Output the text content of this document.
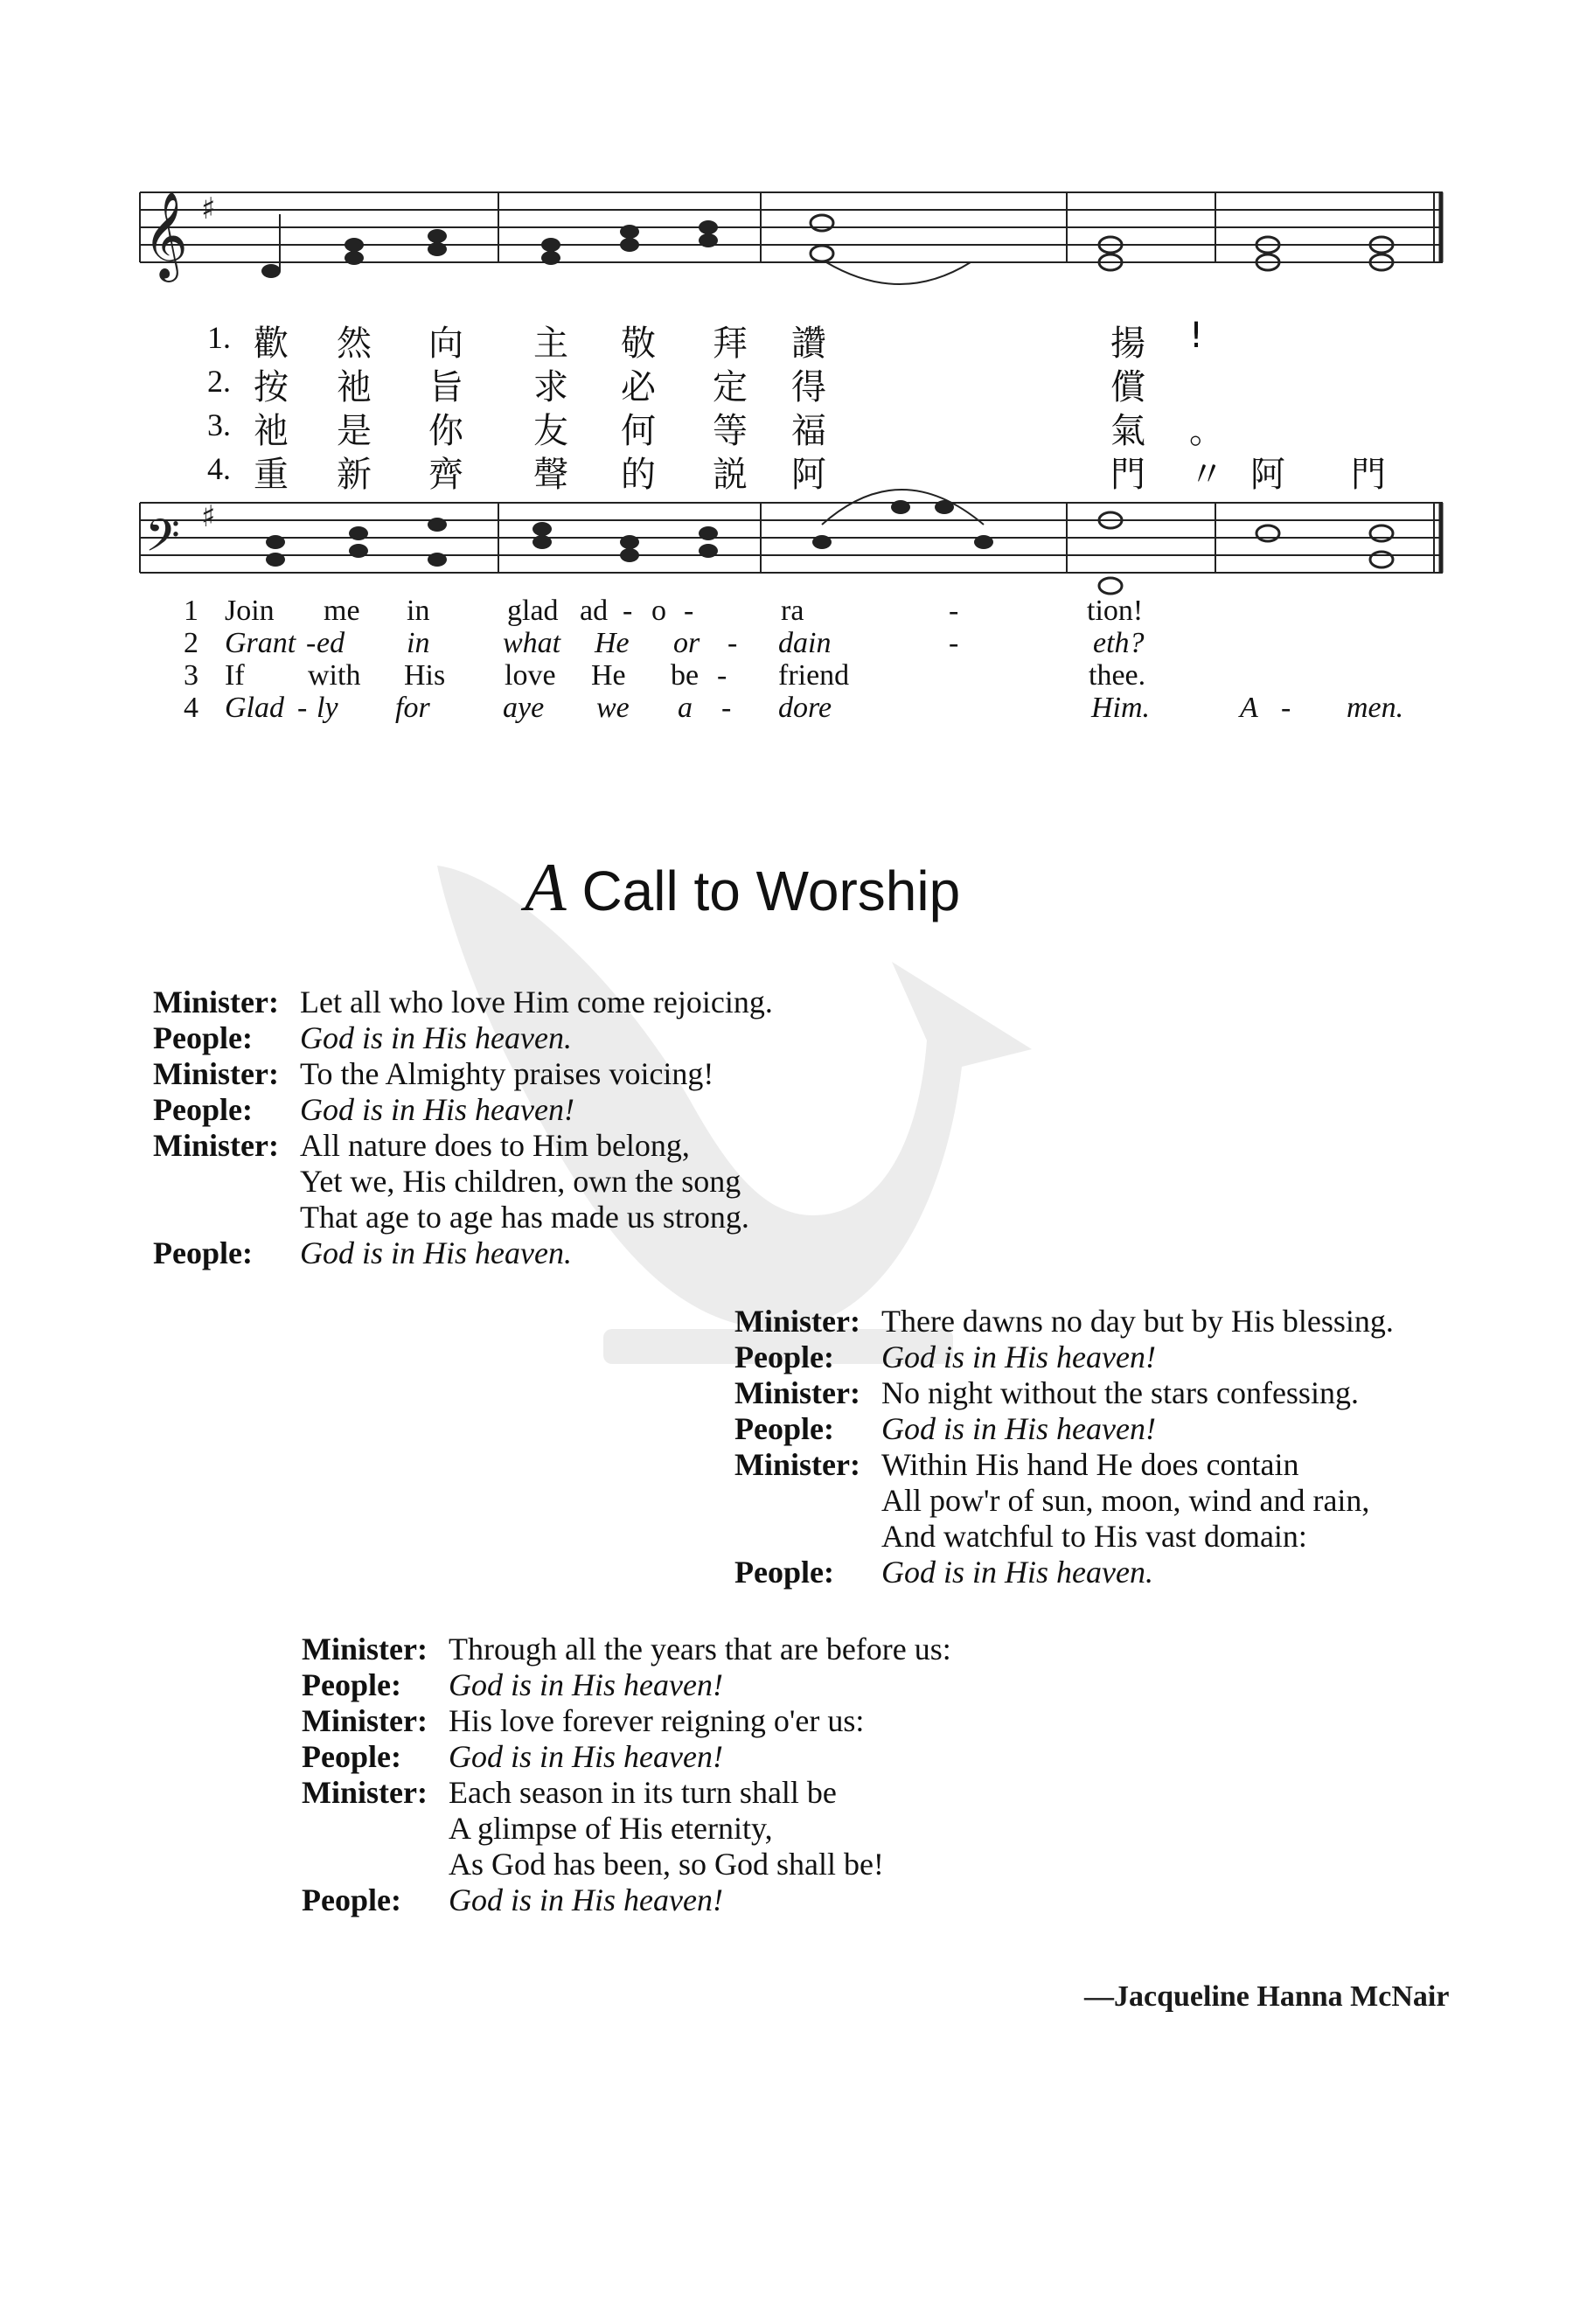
𝄞
𝄢
♯
♯
1. 歡 然 向 主 敬 拜 讚	揚 !
2. 按 祂 旨 求 必 定 得	償
3. 祂 是 你 友 何 等 福	氣 。
4. 重 新 齊 聲 的 説 阿	門 〃 阿 門
1 Join me in	glad ad - o -	ra	-	tion!
2 Grant - ed in what He or - dain	-	eth?
3 If with His love He be - friend	thee.
4 Glad - ly for aye we a - dore	Him.	A - men.
A Call to Worship
Minister: Let all who love Him come rejoicing.
People: God is in His heaven.
Minister: To the Almighty praises voicing!
People: God is in His heaven!
Minister: All nature does to Him belong,
Yet we, His children, own the song
That age to age has made us strong.
People: God is in His heaven.
Minister: There dawns no day but by His blessing.
People: God is in His heaven!
Minister: No night without the stars confessing.
People: God is in His heaven!
Minister: Within His hand He does contain
All pow'r of sun, moon, wind and rain,
And watchful to His vast domain:
People: God is in His heaven.
Minister: Through all the years that are before us:
People: God is in His heaven!
Minister: His love forever reigning o'er us:
People: God is in His heaven!
Minister: Each season in its turn shall be
A glimpse of His eternity,
As God has been, so God shall be!
People: God is in His heaven!
—Jacqueline Hanna McNair
